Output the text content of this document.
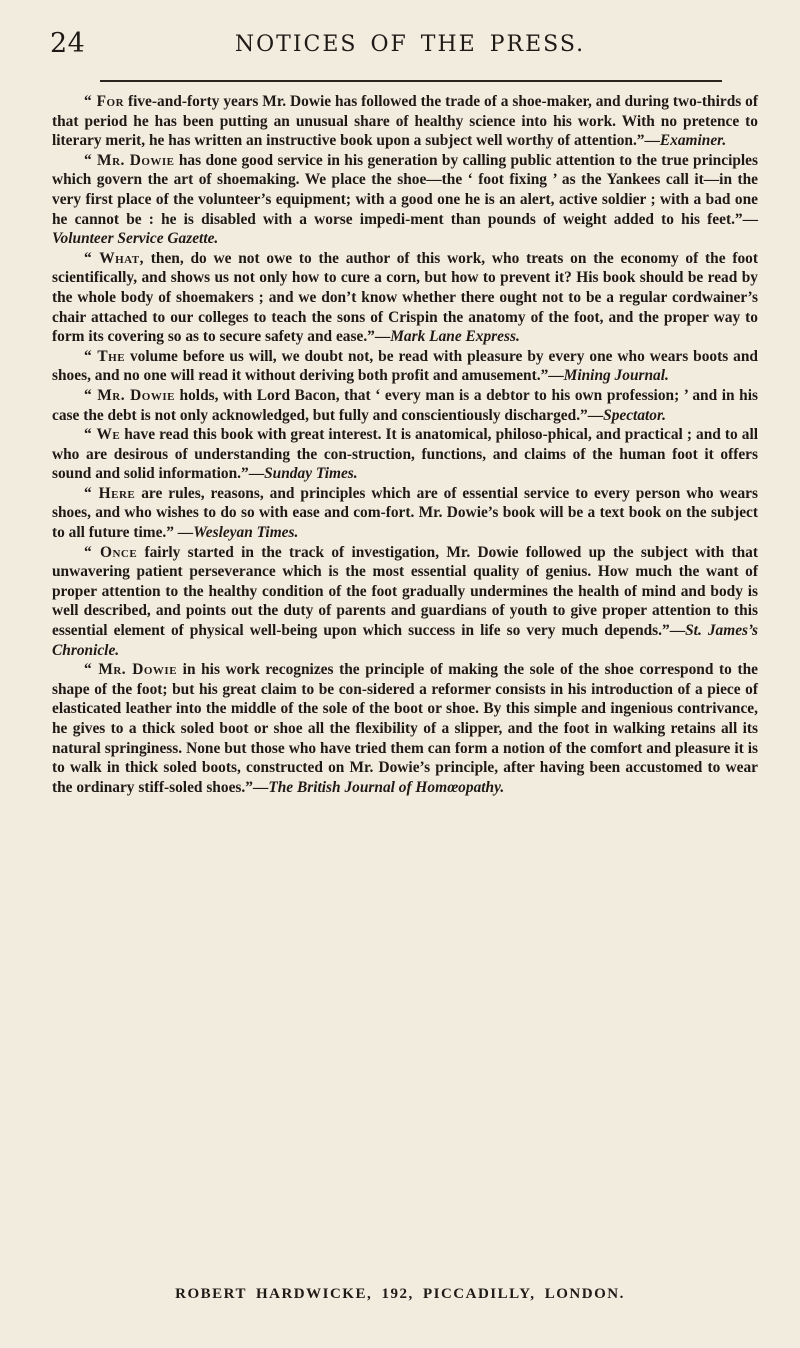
24	NOTICES OF THE PRESS.

“ For five-and-forty years Mr. Dowie has followed the trade of a shoe-maker, and during two-thirds of that period he has been putting an unusual share of healthy science into his work. With no pretence to literary merit, he has written an instructive book upon a subject well worthy of attention.”—Examiner.

“ Mr. Dowie has done good service in his generation by calling public attention to the true principles which govern the art of shoemaking. We place the shoe—the ‘ foot fixing ’ as the Yankees call it—in the very first place of the volunteer’s equipment; with a good one he is an alert, active soldier ; with a bad one he cannot be : he is disabled with a worse impedi-ment than pounds of weight added to his feet.”—Volunteer Service Gazette.

“ What, then, do we not owe to the author of this work, who treats on the economy of the foot scientifically, and shows us not only how to cure a corn, but how to prevent it? His book should be read by the whole body of shoemakers ; and we don’t know whether there ought not to be a regular cordwainer’s chair attached to our colleges to teach the sons of Crispin the anatomy of the foot, and the proper way to form its covering so as to secure safety and ease.”—Mark Lane Express.

“ The volume before us will, we doubt not, be read with pleasure by every one who wears boots and shoes, and no one will read it without deriving both profit and amusement.”—Mining Journal.

“ Mr. Dowie holds, with Lord Bacon, that ‘ every man is a debtor to his own profession; ’ and in his case the debt is not only acknowledged, but fully and conscientiously discharged.”—Spectator.

“ We have read this book with great interest. It is anatomical, philoso-phical, and practical ; and to all who are desirous of understanding the con-struction, functions, and claims of the human foot it offers sound and solid information.”—Sunday Times.

“ Here are rules, reasons, and principles which are of essential service to every person who wears shoes, and who wishes to do so with ease and com-fort. Mr. Dowie’s book will be a text book on the subject to all future time.” —Wesleyan Times.

“ Once fairly started in the track of investigation, Mr. Dowie followed up the subject with that unwavering patient perseverance which is the most essential quality of genius. How much the want of proper attention to the healthy condition of the foot gradually undermines the health of mind and body is well described, and points out the duty of parents and guardians of youth to give proper attention to this essential element of physical well-being upon which success in life so very much depends.”—St. James’s Chronicle.

“ Mr. Dowie in his work recognizes the principle of making the sole of the shoe correspond to the shape of the foot; but his great claim to be con-sidered a reformer consists in his introduction of a piece of elasticated leather into the middle of the sole of the boot or shoe. By this simple and ingenious contrivance, he gives to a thick soled boot or shoe all the flexibility of a slipper, and the foot in walking retains all its natural springiness. None but those who have tried them can form a notion of the comfort and pleasure it is to walk in thick soled boots, constructed on Mr. Dowie’s principle, after having been accustomed to wear the ordinary stiff-soled shoes.”—The British Journal of Homœopathy.

ROBERT HARDWICKE, 192, PICCADILLY, LONDON.
